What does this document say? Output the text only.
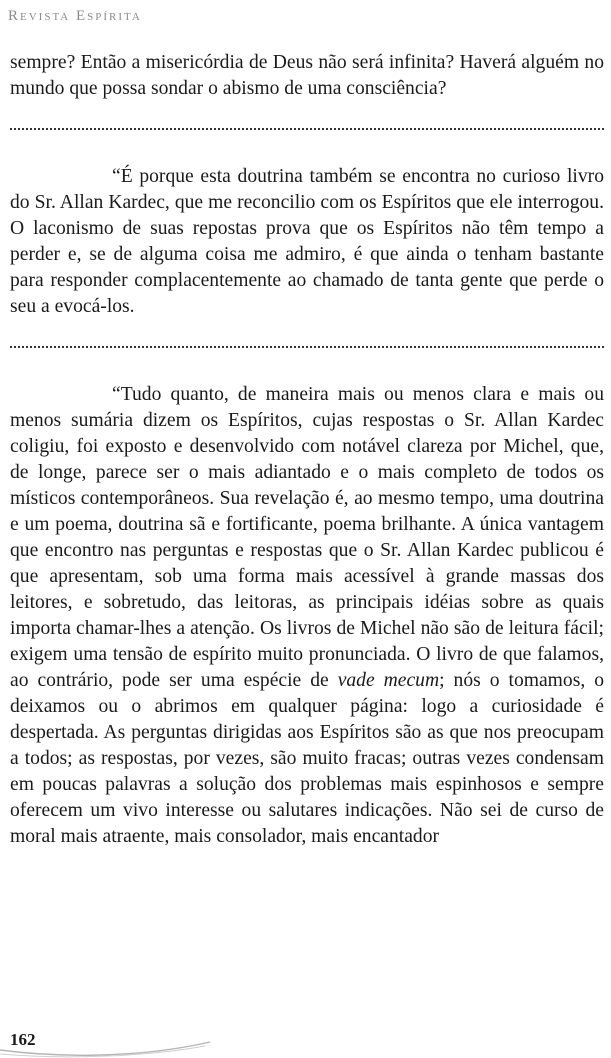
Revista Espírita

sempre? Então a misericórdia de Deus não será infinita? Haverá alguém no mundo que possa sondar o abismo de uma consciência?

“É porque esta doutrina também se encontra no curioso livro do Sr. Allan Kardec, que me reconcilio com os Espíritos que ele interrogou. O laconismo de suas repostas prova que os Espíritos não têm tempo a perder e, se de alguma coisa me admiro, é que ainda o tenham bastante para responder complacentemente ao chamado de tanta gente que perde o seu a evocá-los.

“Tudo quanto, de maneira mais ou menos clara e mais ou menos sumária dizem os Espíritos, cujas respostas o Sr. Allan Kardec coligiu, foi exposto e desenvolvido com notável clareza por Michel, que, de longe, parece ser o mais adiantado e o mais completo de todos os místicos contemporâneos. Sua revelação é, ao mesmo tempo, uma doutrina e um poema, doutrina sã e fortificante, poema brilhante. A única vantagem que encontro nas perguntas e respostas que o Sr. Allan Kardec publicou é que apresentam, sob uma forma mais acessível à grande massas dos leitores, e sobretudo, das leitoras, as principais idéias sobre as quais importa chamar-lhes a atenção. Os livros de Michel não são de leitura fácil; exigem uma tensão de espírito muito pronunciada. O livro de que falamos, ao contrário, pode ser uma espécie de vade mecum; nós o tomamos, o deixamos ou o abrimos em qualquer página: logo a curiosidade é despertada. As perguntas dirigidas aos Espíritos são as que nos preocupam a todos; as respostas, por vezes, são muito fracas; outras vezes condensam em poucas palavras a solução dos problemas mais espinhosos e sempre oferecem um vivo interesse ou salutares indicações. Não sei de curso de moral mais atraente, mais consolador, mais encantador

162
